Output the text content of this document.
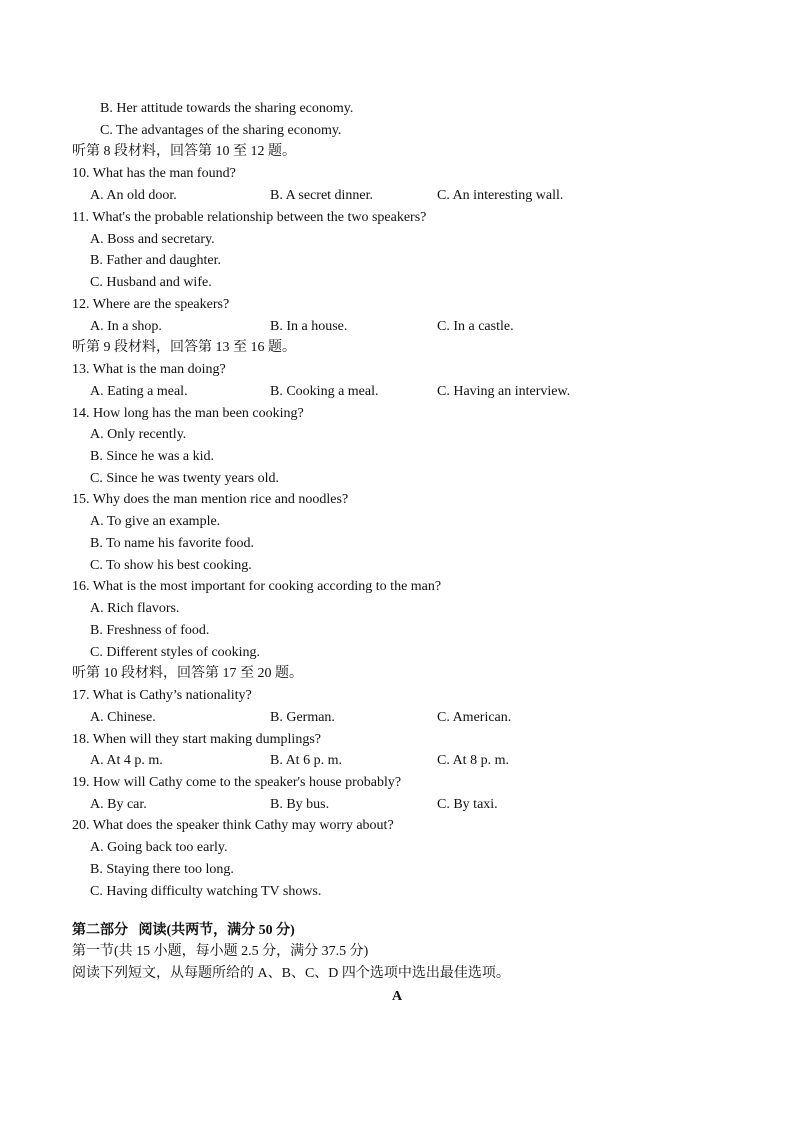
B. Her attitude towards the sharing economy.
C. The advantages of the sharing economy.
听第 8 段材料，回答第 10 至 12 题。
10. What has the man found?
A. An old door.	B. A secret dinner.	C. An interesting wall.
11. What's the probable relationship between the two speakers?
A. Boss and secretary.
B. Father and daughter.
C. Husband and wife.
12. Where are the speakers?
A. In a shop.	B. In a house.	C. In a castle.
听第 9 段材料，回答第 13 至 16 题。
13. What is the man doing?
A. Eating a meal.	B. Cooking a meal.	C. Having an interview.
14. How long has the man been cooking?
A. Only recently.
B. Since he was a kid.
C. Since he was twenty years old.
15. Why does the man mention rice and noodles?
A. To give an example.
B. To name his favorite food.
C. To show his best cooking.
16. What is the most important for cooking according to the man?
A. Rich flavors.
B. Freshness of food.
C. Different styles of cooking.
听第 10 段材料，回答第 17 至 20 题。
17. What is Cathy’s nationality?
A. Chinese.	B. German.	C. American.
18. When will they start making dumplings?
A. At 4 p. m.	B. At 6 p. m.	C. At 8 p. m.
19. How will Cathy come to the speaker's house probably?
A. By car.	B. By bus.	C. By taxi.
20. What does the speaker think Cathy may worry about?
A. Going back too early.
B. Staying there too long.
C. Having difficulty watching TV shows.
第二部分   阅读(共两节，满分 50 分)
第一节(共 15 小题，每小题 2.5 分，满分 37.5 分)
阅读下列短文，从每题所给的 A、B、C、D 四个选项中选出最佳选项。
A
